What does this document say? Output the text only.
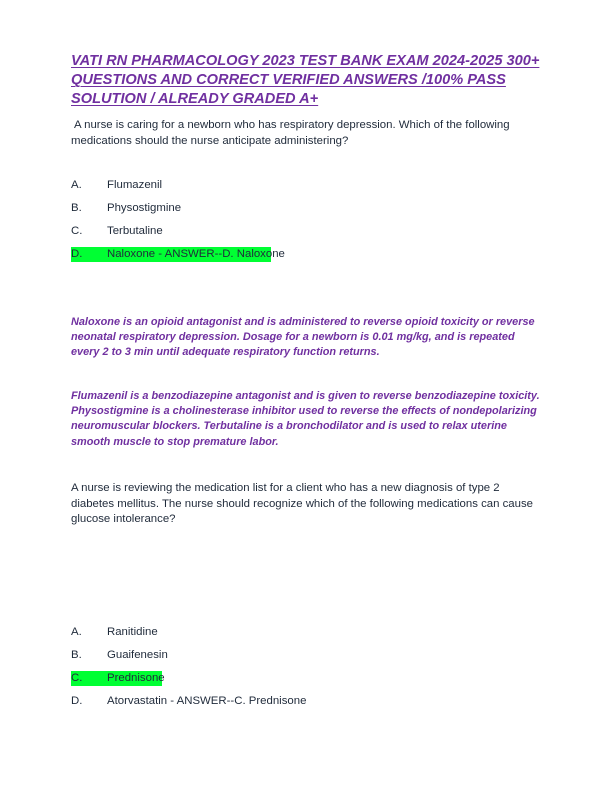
VATI RN PHARMACOLOGY 2023 TEST BANK EXAM 2024-2025 300+ QUESTIONS AND CORRECT VERIFIED ANSWERS /100% PASS SOLUTION / ALREADY GRADED A+

A nurse is caring for a newborn who has respiratory depression. Which of the following medications should the nurse anticipate administering?

A. Flumazenil
B. Physostigmine
C. Terbutaline
D. Naloxone - ANSWER--D. Naloxone

Naloxone is an opioid antagonist and is administered to reverse opioid toxicity or reverse neonatal respiratory depression. Dosage for a newborn is 0.01 mg/kg, and is repeated every 2 to 3 min until adequate respiratory function returns.

Flumazenil is a benzodiazepine antagonist and is given to reverse benzodiazepine toxicity. Physostigmine is a cholinesterase inhibitor used to reverse the effects of nondepolarizing neuromuscular blockers. Terbutaline is a bronchodilator and is used to relax uterine smooth muscle to stop premature labor.

A nurse is reviewing the medication list for a client who has a new diagnosis of type 2 diabetes mellitus. The nurse should recognize which of the following medications can cause glucose intolerance?

A. Ranitidine
B. Guaifenesin
C. Prednisone
D. Atorvastatin - ANSWER--C. Prednisone
